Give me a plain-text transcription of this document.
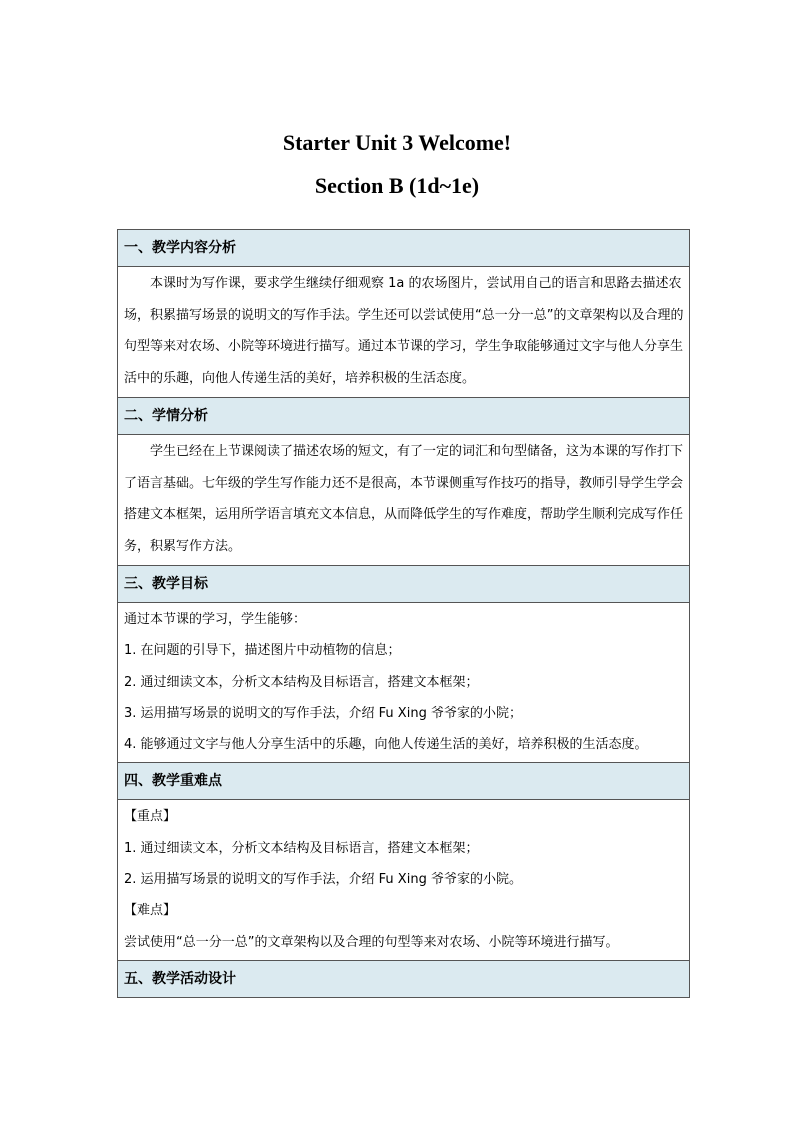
Starter Unit 3 Welcome!
Section B (1d~1e)
一、教学内容分析

本课时为写作课，要求学生继续仔细观察 1a 的农场图片，尝试用自己的语言和思路去描述农场，积累描写场景的说明文的写作手法。学生还可以尝试使用“总一分一总”的文章架构以及合理的句型等来对农场、小院等环境进行描写。通过本节课的学习，学生争取能够通过文字与他人分享生活中的乐趣，向他人传递生活的美好，培养积极的生活态度。

二、学情分析

学生已经在上节课阅读了描述农场的短文，有了一定的词汇和句型储备，这为本课的写作打下了语言基础。七年级的学生写作能力还不是很高，本节课侧重写作技巧的指导，教师引导学生学会搭建文本框架，运用所学语言填充文本信息，从而降低学生的写作难度，帮助学生顺利完成写作任务，积累写作方法。

三、教学目标

通过本节课的学习，学生能够：

1. 在问题的引导下，描述图片中动植物的信息；

2. 通过细读文本，分析文本结构及目标语言，搭建文本框架；

3. 运用描写场景的说明文的写作手法，介绍 Fu Xing 爷爷家的小院；

4. 能够通过文字与他人分享生活中的乐趣，向他人传递生活的美好，培养积极的生活态度。

四、教学重难点

【重点】

1. 通过细读文本，分析文本结构及目标语言，搭建文本框架；

2. 运用描写场景的说明文的写作手法，介绍 Fu Xing 爷爷家的小院。

【难点】

尝试使用“总一分一总”的文章架构以及合理的句型等来对农场、小院等环境进行描写。

五、教学活动设计
